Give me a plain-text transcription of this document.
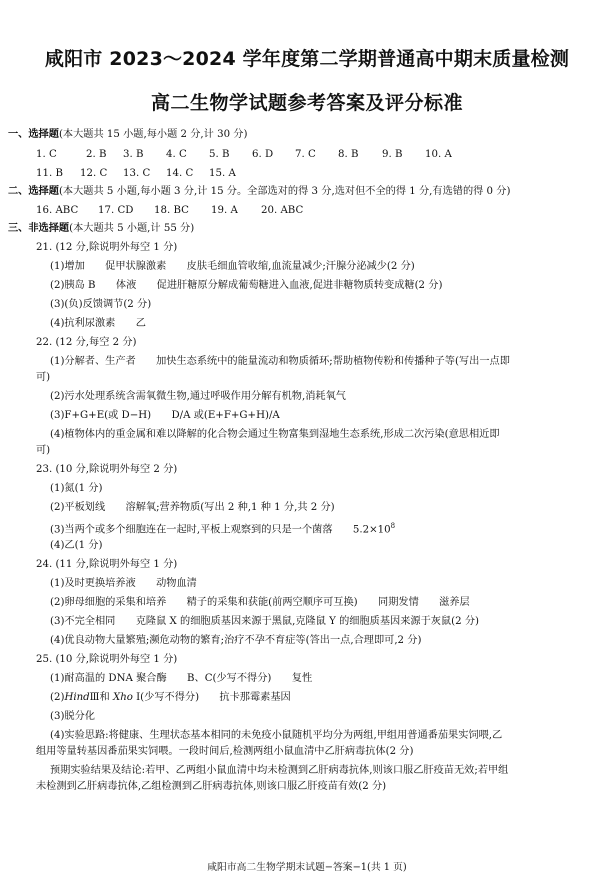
咸阳市 2023～2024 学年度第二学期普通高中期末质量检测
高二生物学试题参考答案及评分标准
一、选择题(本大题共 15 小题,每小题 2 分,计 30 分)
1. C	2. B 3. B 4. C 5. B 6. D 7. C 8. B 9. B 10. A
11. B 12. C 13. C 14. C 15. A
二、选择题(本大题共 5 小题,每小题 3 分,计 15 分。全部选对的得 3 分,选对但不全的得 1 分,有选错的得 0 分)
16. ABC 17. CD 18. BC 19. A 20. ABC
三、非选择题(本大题共 5 小题,计 55 分)
21. (12 分,除说明外每空 1 分)
(1)增加　　促甲状腺激素　　皮肤毛细血管收缩,血流量减少;汗腺分泌减少(2 分)
(2)胰岛 B　　体液　　促进肝糖原分解成葡萄糖进入血液,促进非糖物质转变成糖(2 分)
(3)(负)反馈调节(2 分)
(4)抗利尿激素　　乙
22. (12 分,每空 2 分)
(1)分解者、生产者　　加快生态系统中的能量流动和物质循环;帮助植物传粉和传播种子等(写出一点即
可)
(2)污水处理系统含需氧微生物,通过呼吸作用分解有机物,消耗氧气
(3)F+G+E(或 D−H)　　D/A 或(E+F+G+H)/A
(4)植物体内的重金属和难以降解的化合物会通过生物富集到湿地生态系统,形成二次污染(意思相近即
可)
23. (10 分,除说明外每空 2 分)
(1)氮(1 分)
(2)平板划线　　溶解氧;营养物质(写出 2 种,1 种 1 分,共 2 分)
(3)当两个或多个细胞连在一起时,平板上观察到的只是一个菌落　　$5.2\times 10^8$
(4)乙(1 分)
24. (11 分,除说明外每空 1 分)
(1)及时更换培养液　　动物血清
(2)卵母细胞的采集和培养　　精子的采集和获能(前两空顺序可互换)　　同期发情　　滋养层
(3)不完全相同　　克隆鼠 X 的细胞质基因来源于黑鼠,克隆鼠 Y 的细胞质基因来源于灰鼠(2 分)
(4)优良动物大量繁殖;濒危动物的繁育;治疗不孕不育症等(答出一点,合理即可,2 分)
25. (10 分,除说明外每空 1 分)
(1)耐高温的 DNA 聚合酶　　B、C(少写不得分)　　复性
(2)HindⅢ和 Xho Ⅰ(少写不得分)　　抗卡那霉素基因
(3)脱分化
(4)实验思路:将健康、生理状态基本相同的未免疫小鼠随机平均分为两组,甲组用普通番茄果实饲喂,乙
组用等量转基因番茄果实饲喂。一段时间后,检测两组小鼠血清中乙肝病毒抗体(2 分)
预期实验结果及结论:若甲、乙两组小鼠血清中均未检测到乙肝病毒抗体,则该口服乙肝疫苗无效;若甲组
未检测到乙肝病毒抗体,乙组检测到乙肝病毒抗体,则该口服乙肝疫苗有效(2 分)
咸阳市高二生物学期末试题−答案−1(共 1 页)
